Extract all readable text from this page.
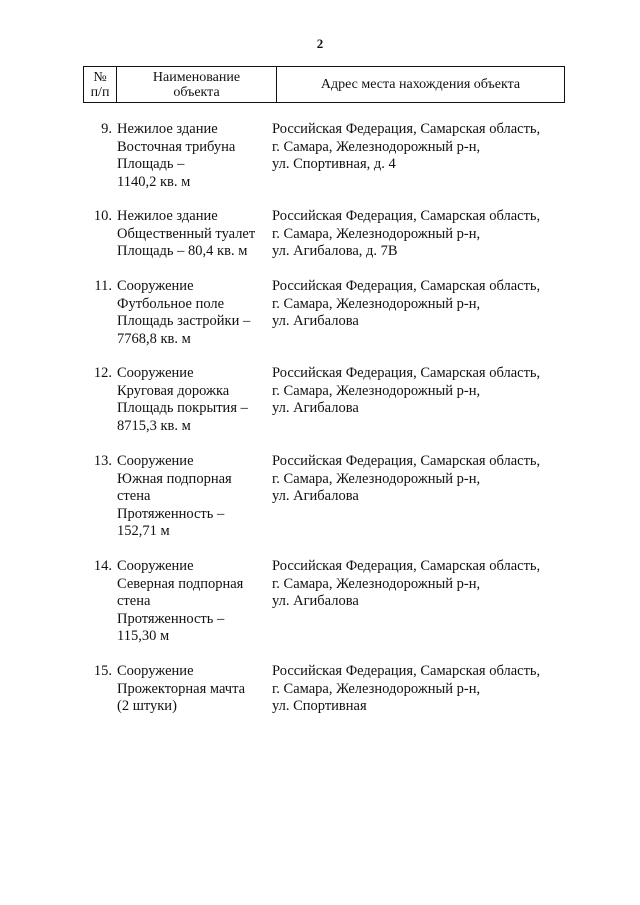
2
№
п/п
Наименование
объекта	Адрес места нахождения объекта
9. Нежилое здание
Восточная трибуна
Площадь –
1140,2 кв. м
Российская Федерация, Самарская область,
г. Самара, Железнодорожный р-н,
ул. Спортивная, д. 4
10. Нежилое здание
Общественный туалет
Площадь – 80,4 кв. м
Российская Федерация, Самарская область,
г. Самара, Железнодорожный р-н,
ул. Агибалова, д. 7В
11. Сооружение
Футбольное поле
Площадь застройки –
7768,8 кв. м
Российская Федерация, Самарская область,
г. Самара, Железнодорожный р-н,
ул. Агибалова
12. Сооружение
Круговая дорожка
Площадь покрытия –
8715,3 кв. м
Российская Федерация, Самарская область,
г. Самара, Железнодорожный р-н,
ул. Агибалова
13. Сооружение
Южная подпорная
стена
Протяженность –
152,71 м
Российская Федерация, Самарская область,
г. Самара, Железнодорожный р-н,
ул. Агибалова
14. Сооружение
Северная подпорная
стена
Протяженность –
115,30 м
Российская Федерация, Самарская область,
г. Самара, Железнодорожный р-н,
ул. Агибалова
15. Сооружение
Прожекторная мачта
(2 штуки)
Российская Федерация, Самарская область,
г. Самара, Железнодорожный р-н,
ул. Спортивная
